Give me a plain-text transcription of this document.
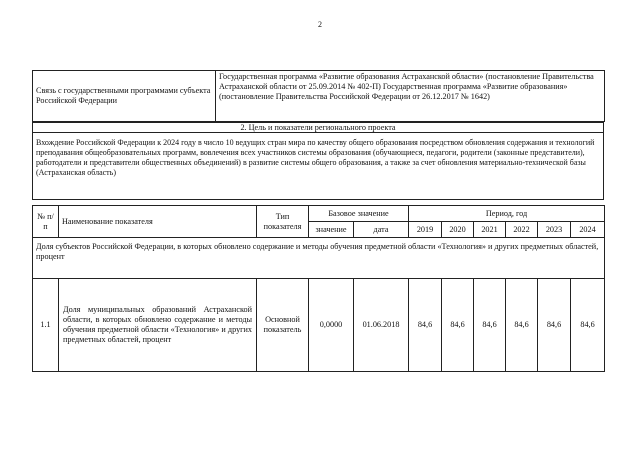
2
Связь с государственными программами субъекта Российской Федерации	Государственная программа «Развитие образования Астраханской области» (постановление Правительства Астраханской области от 25.09.2014 № 402-П) Государственная программа «Развитие образования» (постановление Правительства Российской Федерации от 26.12.2017 № 1642)
2. Цель и показатели регионального проекта
Вхождение Российской Федерации к 2024 году в число 10 ведущих стран мира по качеству общего образования посредством обновления содержания и технологий преподавания общеобразовательных программ, вовлечения всех участников системы образования (обучающиеся, педагоги, родители (законные представители), работодатели и представители общественных объединений) в развитие системы общего образования, а также за счет обновления материально-технической базы (Астраханская область)
№ п/п	Наименование показателя	Тип показателя	Базовое значение		Период, год					
			значение	дата	2019	2020	2021	2022	2023	2024
Доля субъектов Российской Федерации, в которых обновлено содержание и методы обучения предметной области «Технология» и других предметных областей, процент										
1.1	Доля муниципальных образований Астраханской области, в которых обновлено содержание и методы обучения предметной области «Технология» и других предметных областей, процент	Основной показатель	0,0000	01.06.2018	84,6	84,6	84,6	84,6	84,6	84,6
